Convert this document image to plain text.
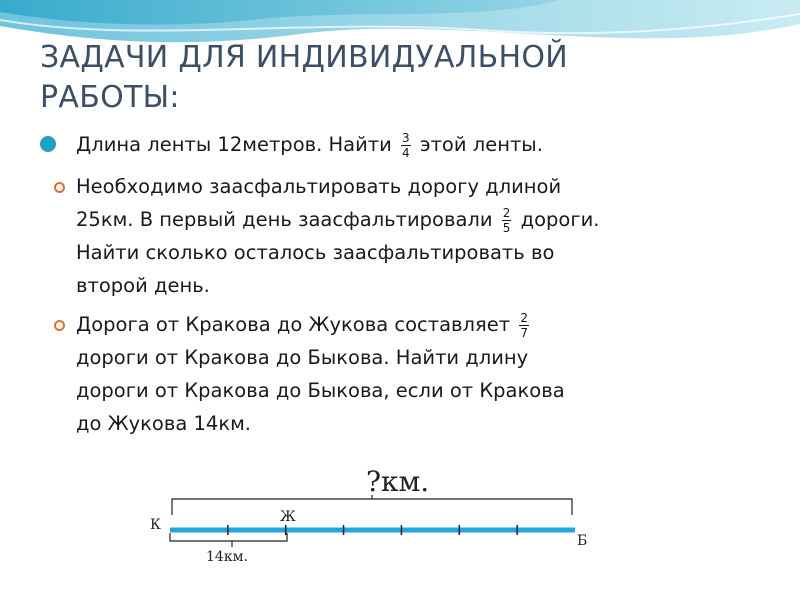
ЗАДАЧИ ДЛЯ ИНДИВИДУАЛЬНОЙ
РАБОТЫ:
Длина ленты 12метров. Найти $\frac{3}{4}$ этой ленты.
Необходимо заасфальтировать дорогу длиной
25км. В первый день заасфальтировали $\frac{2}{5}$ дороги.
Найти сколько осталось заасфальтировать во
второй день.
Дорога от Кракова до Жукова составляет $\frac{2}{7}$
дороги от Кракова до Быкова. Найти длину
дороги от Кракова до Быкова, если от Кракова
до Жукова 14км.
?км.
К	Ж
Б
14км.
